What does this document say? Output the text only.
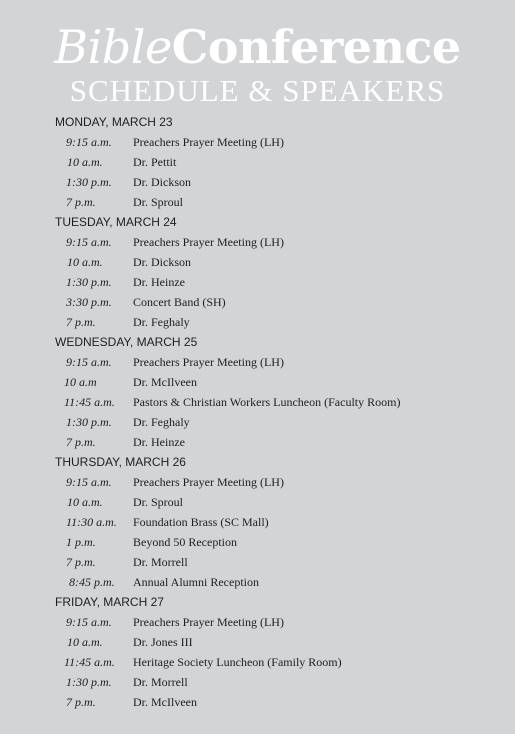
BibleConference
SCHEDULE & SPEAKERS
MONDAY, MARCH 23
9:15 a.m. Preachers Prayer Meeting (LH)
10 a.m.	Dr. Pettit
1:30 p.m. Dr. Dickson
7 p.m.	Dr. Sproul
TUESDAY, MARCH 24
9:15 a.m. Preachers Prayer Meeting (LH)
10 a.m.	Dr. Dickson
1:30 p.m. Dr. Heinze
3:30 p.m. Concert Band (SH)
7 p.m.	Dr. Feghaly
WEDNESDAY, MARCH 25
9:15 a.m. Preachers Prayer Meeting (LH)
10 a.m	Dr. McIlveen
11:45 a.m. Pastors & Christian Workers Luncheon (Faculty Room)
1:30 p.m. Dr. Feghaly
7 p.m.	Dr. Heinze
THURSDAY, MARCH 26
9:15 a.m. Preachers Prayer Meeting (LH)
10 a.m.	Dr. Sproul
11:30 a.m. Foundation Brass (SC Mall)
1 p.m.	Beyond 50 Reception
7 p.m.	Dr. Morrell
8:45 p.m. Annual Alumni Reception
FRIDAY, MARCH 27
9:15 a.m. Preachers Prayer Meeting (LH)
10 a.m.	Dr. Jones III
11:45 a.m. Heritage Society Luncheon (Family Room)
1:30 p.m. Dr. Morrell
7 p.m.	Dr. McIlveen
